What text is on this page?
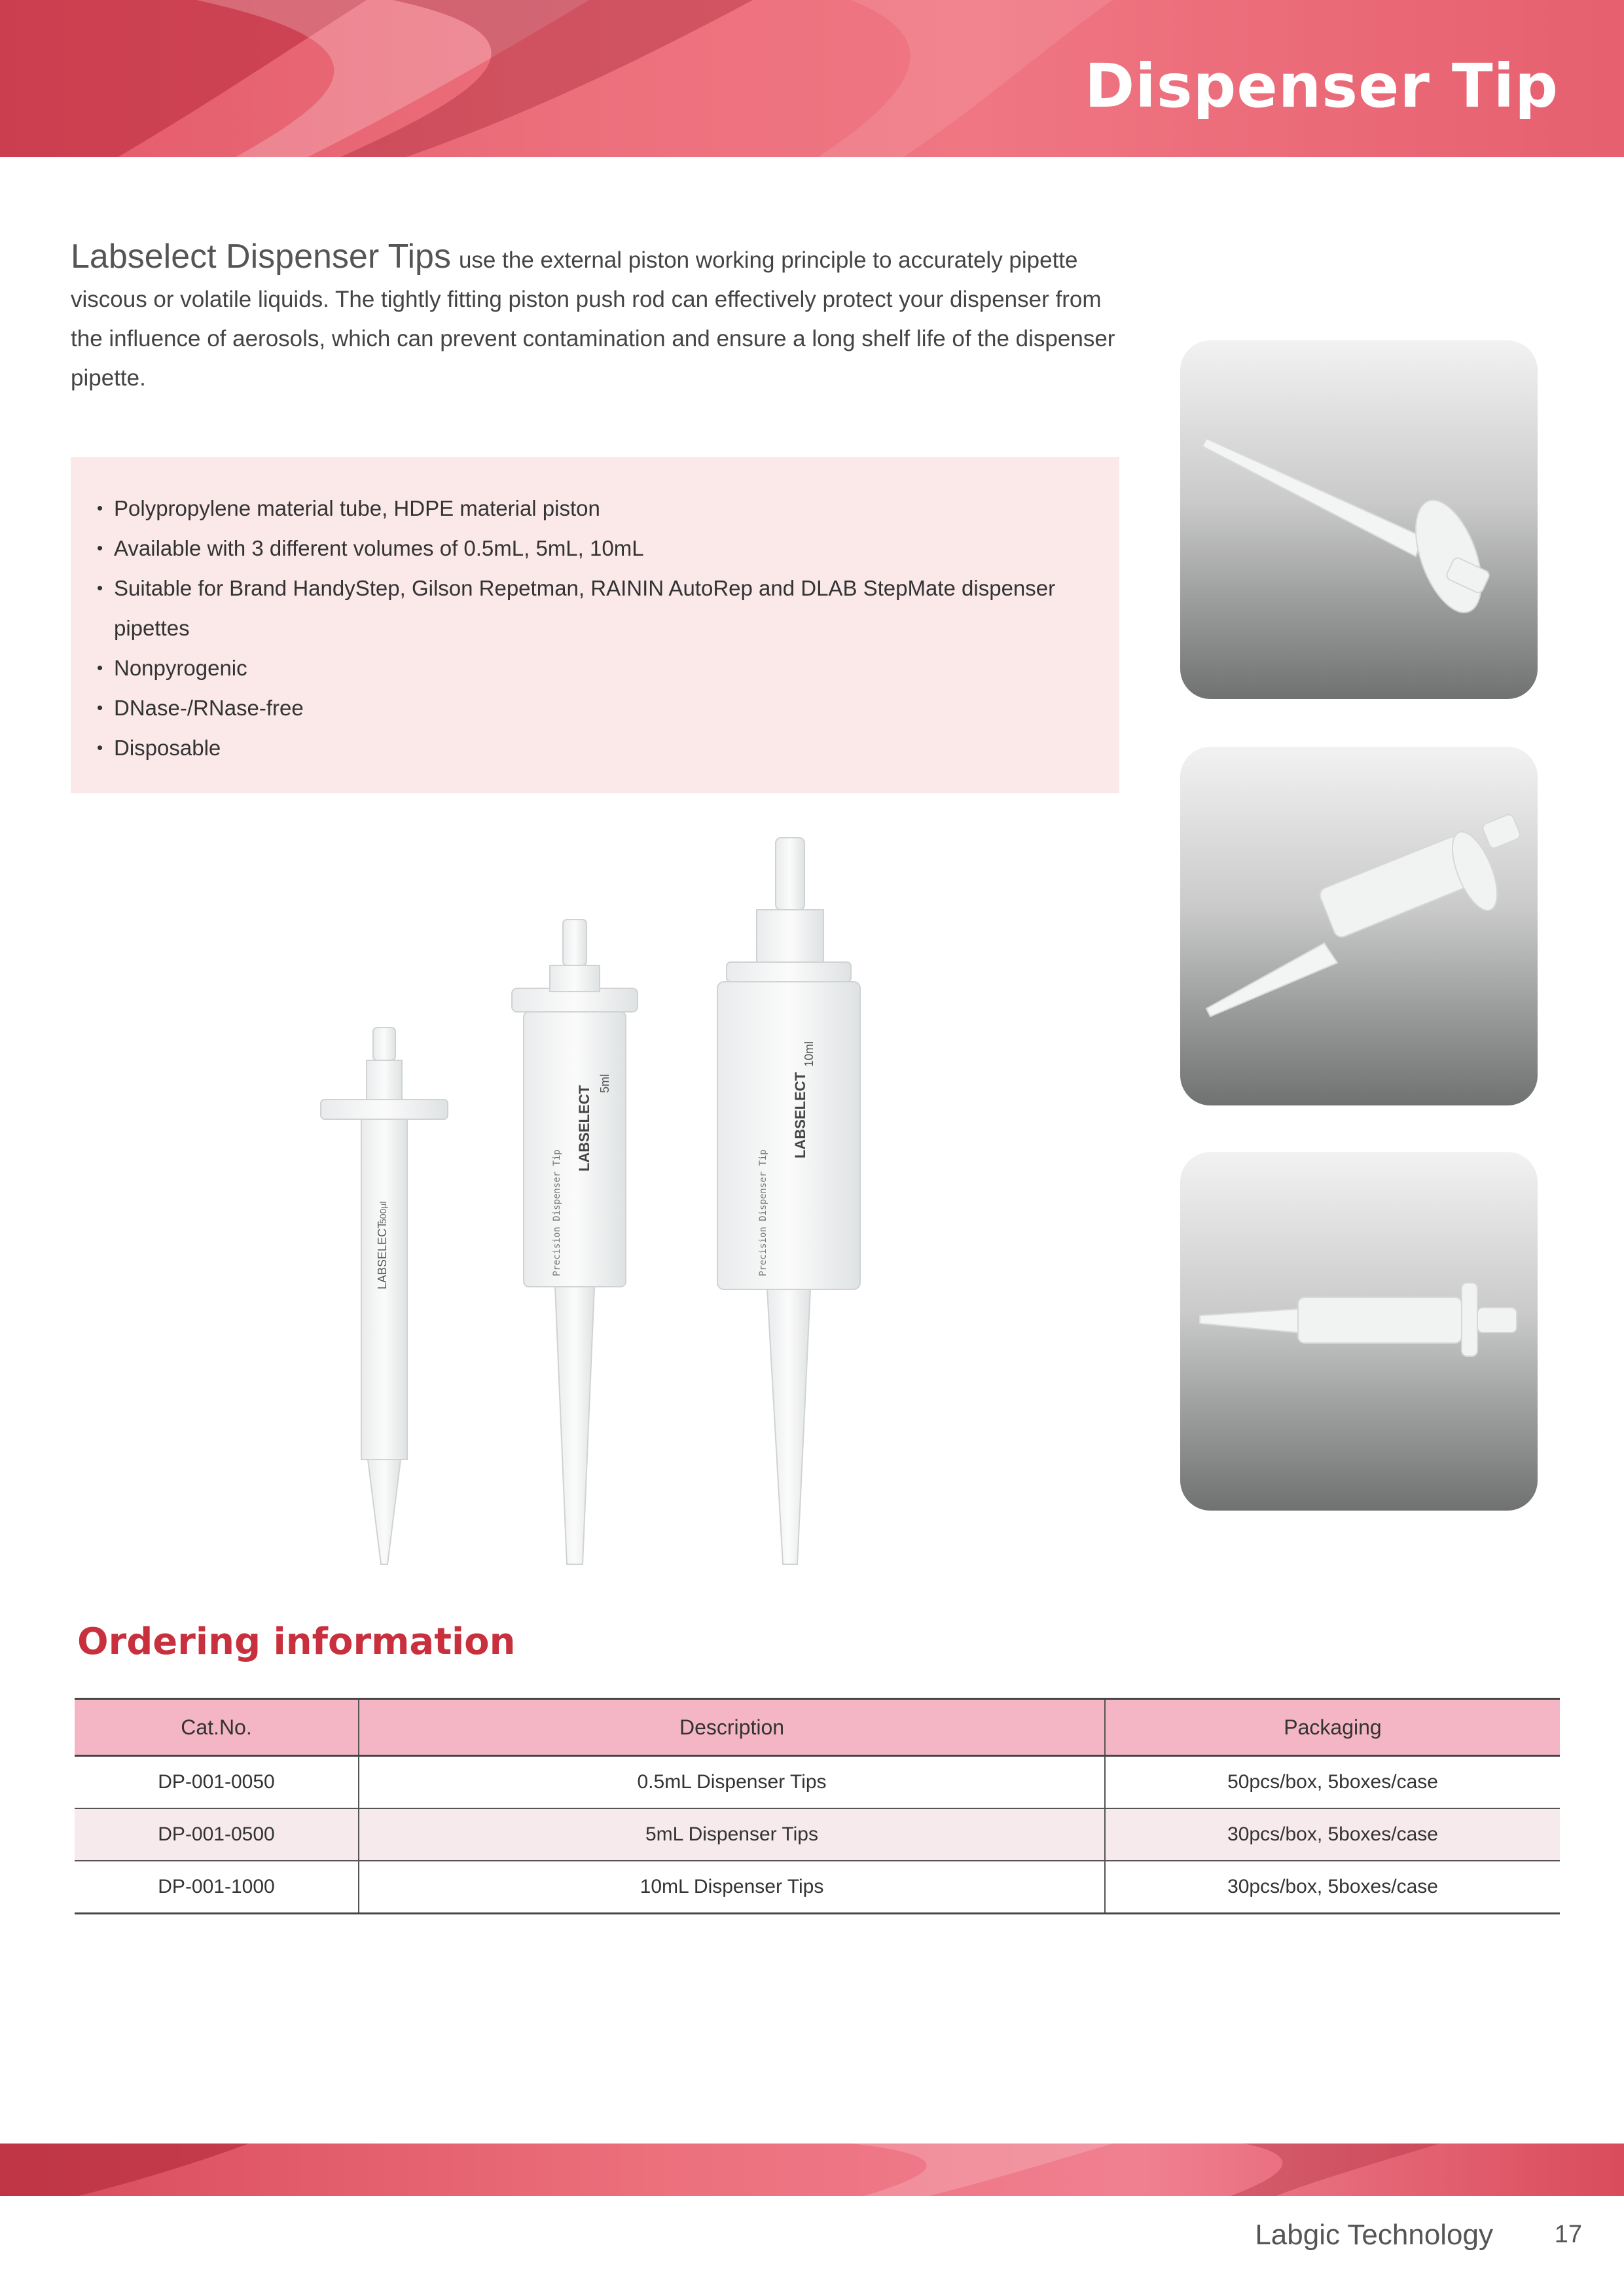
Dispenser Tip
Labselect Dispenser Tips use the external piston working principle to accurately pipette viscous or volatile liquids. The tightly fitting piston push rod can effectively protect your dispenser from the influence of aerosols, which can prevent contamination and ensure a long shelf life of the dispenser pipette.
• Polypropylene material tube, HDPE material piston
• Available with 3 different volumes of 0.5mL, 5mL, 10mL
• Suitable for Brand HandyStep, Gilson Repetman, RAININ AutoRep and DLAB StepMate dispenser pipettes
• Nonpyrogenic
• DNase-/RNase-free
• Disposable
LABSELECT
500µl
LABSELECT
Precision Dispenser Tip
5ml	LABSELECT
Precision Dispenser Tip
10ml
Ordering information
Cat.No.	Description	Packaging
DP-001-0050	0.5mL Dispenser Tips	50pcs/box, 5boxes/case
DP-001-0500	5mL Dispenser Tips	30pcs/box, 5boxes/case
DP-001-1000	10mL Dispenser Tips	30pcs/box, 5boxes/case
Labgic Technology 17
